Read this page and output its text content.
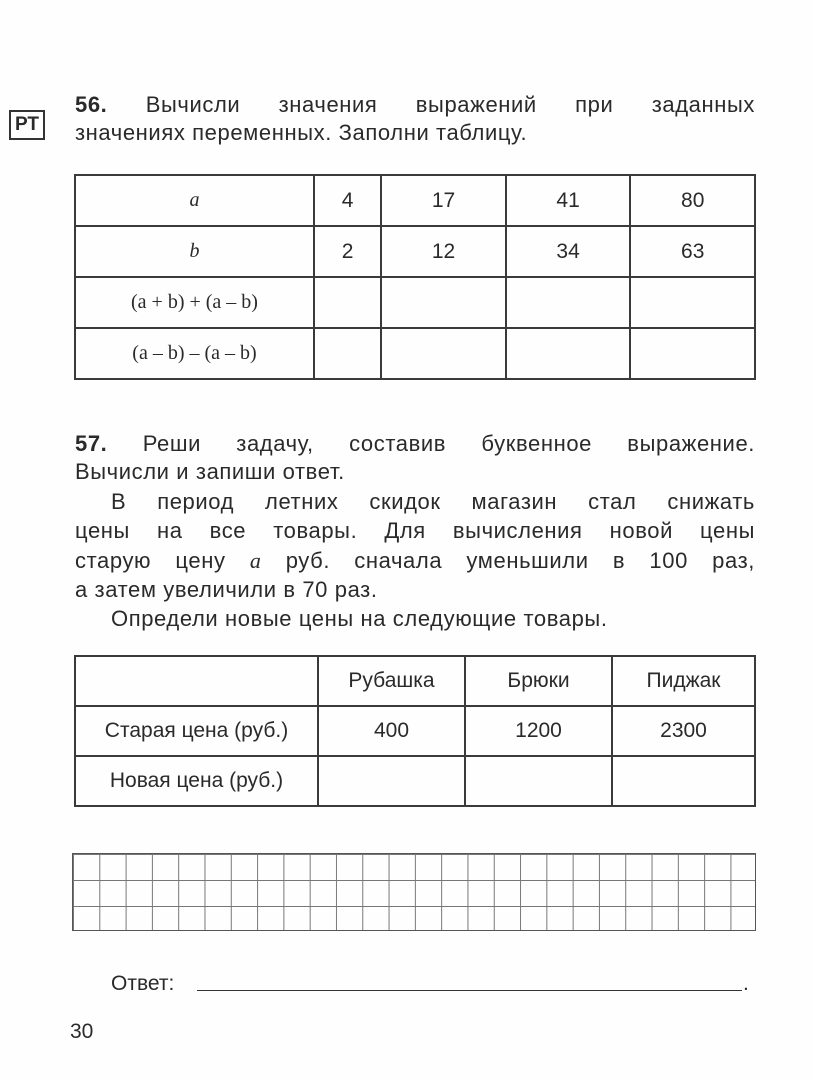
РТ
56. Вычисли значения выражений при заданных
значениях переменных. Заполни таблицу.
a	4	17	41	80
b	2	12	34	63
(a + b) + (a – b)				
(a – b) – (a – b)				
57. Реши задачу, составив буквенное выражение.
Вычисли и запиши ответ.
В период летних скидок магазин стал снижать
цены на все товары. Для вычисления новой цены
старую цену a руб. сначала уменьшили в 100 раз,
а затем увеличили в 70 раз.
Определи новые цены на следующие товары.
	Рубашка	Брюки	Пиджак
Старая цена (руб.)	400	1200	2300
Новая цена (руб.)			
Ответ:	.
30
